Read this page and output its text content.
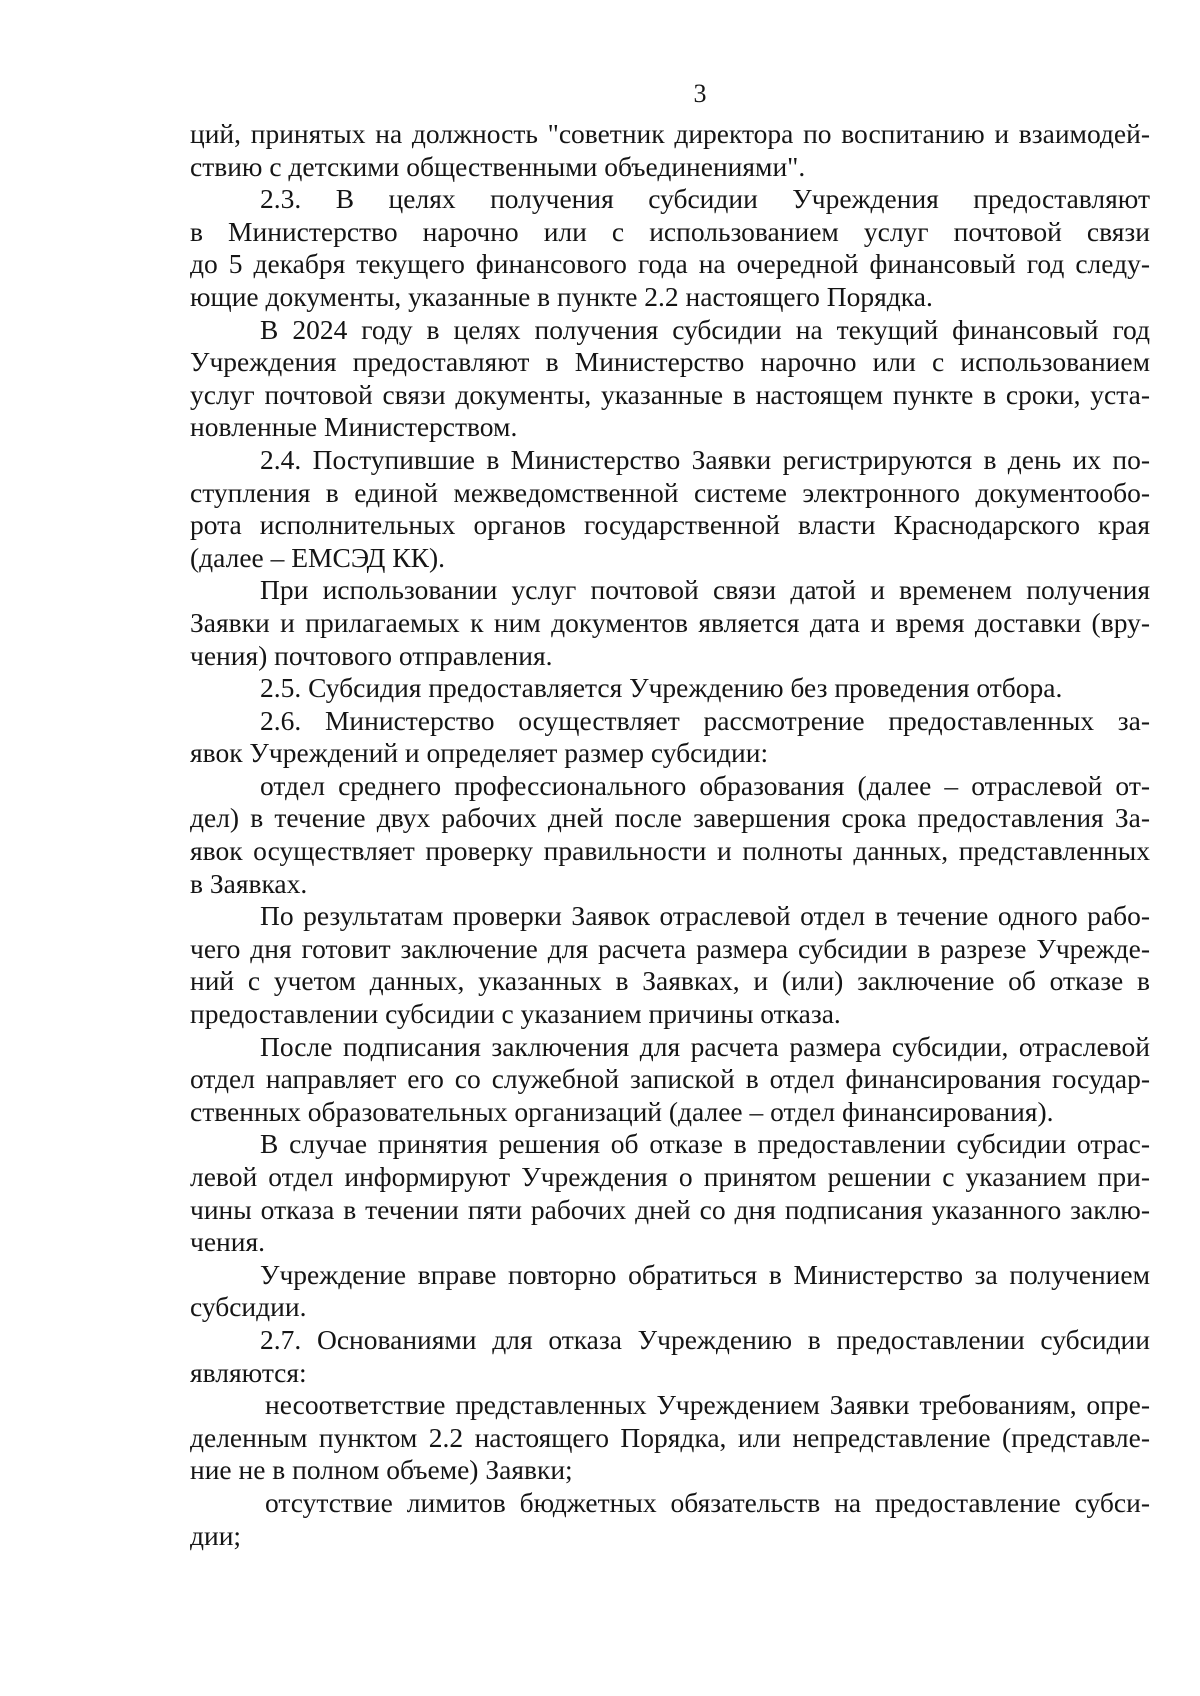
3
ций, принятых на должность "советник директора по воспитанию и взаимодей-
ствию с детскими общественными объединениями".
2.3. В целях получения субсидии Учреждения предоставляют
в Министерство нарочно или с использованием услуг почтовой связи
до 5 декабря текущего финансового года на очередной финансовый год следу-
ющие документы, указанные в пункте 2.2 настоящего Порядка.
В 2024 году в целях получения субсидии на текущий финансовый год
Учреждения предоставляют в Министерство нарочно или с использованием
услуг почтовой связи документы, указанные в настоящем пункте в сроки, уста-
новленные Министерством.
2.4. Поступившие в Министерство Заявки регистрируются в день их по-
ступления в единой межведомственной системе электронного документообо-
рота исполнительных органов государственной власти Краснодарского края
(далее – ЕМСЭД КК).
При использовании услуг почтовой связи датой и временем получения
Заявки и прилагаемых к ним документов является дата и время доставки (вру-
чения) почтового отправления.
2.5. Субсидия предоставляется Учреждению без проведения отбора.
2.6. Министерство осуществляет рассмотрение предоставленных за-
явок Учреждений и определяет размер субсидии:
отдел среднего профессионального образования (далее – отраслевой от-
дел) в течение двух рабочих дней после завершения срока предоставления За-
явок осуществляет проверку правильности и полноты данных, представленных
в Заявках.
По результатам проверки Заявок отраслевой отдел в течение одного рабо-
чего дня готовит заключение для расчета размера субсидии в разрезе Учрежде-
ний с учетом данных, указанных в Заявках, и (или) заключение об отказе в
предоставлении субсидии с указанием причины отказа.
После подписания заключения для расчета размера субсидии, отраслевой
отдел направляет его со служебной запиской в отдел финансирования государ-
ственных образовательных организаций (далее – отдел финансирования).
В случае принятия решения об отказе в предоставлении субсидии отрас-
левой отдел информируют Учреждения о принятом решении с указанием при-
чины отказа в течении пяти рабочих дней со дня подписания указанного заклю-
чения.
Учреждение вправе повторно обратиться в Министерство за получением
субсидии.
2.7. Основаниями для отказа Учреждению в предоставлении субсидии
являются:
несоответствие представленных Учреждением Заявки требованиям, опре-
деленным пунктом 2.2 настоящего Порядка, или непредставление (представле-
ние не в полном объеме) Заявки;
отсутствие лимитов бюджетных обязательств на предоставление субси-
дии;
